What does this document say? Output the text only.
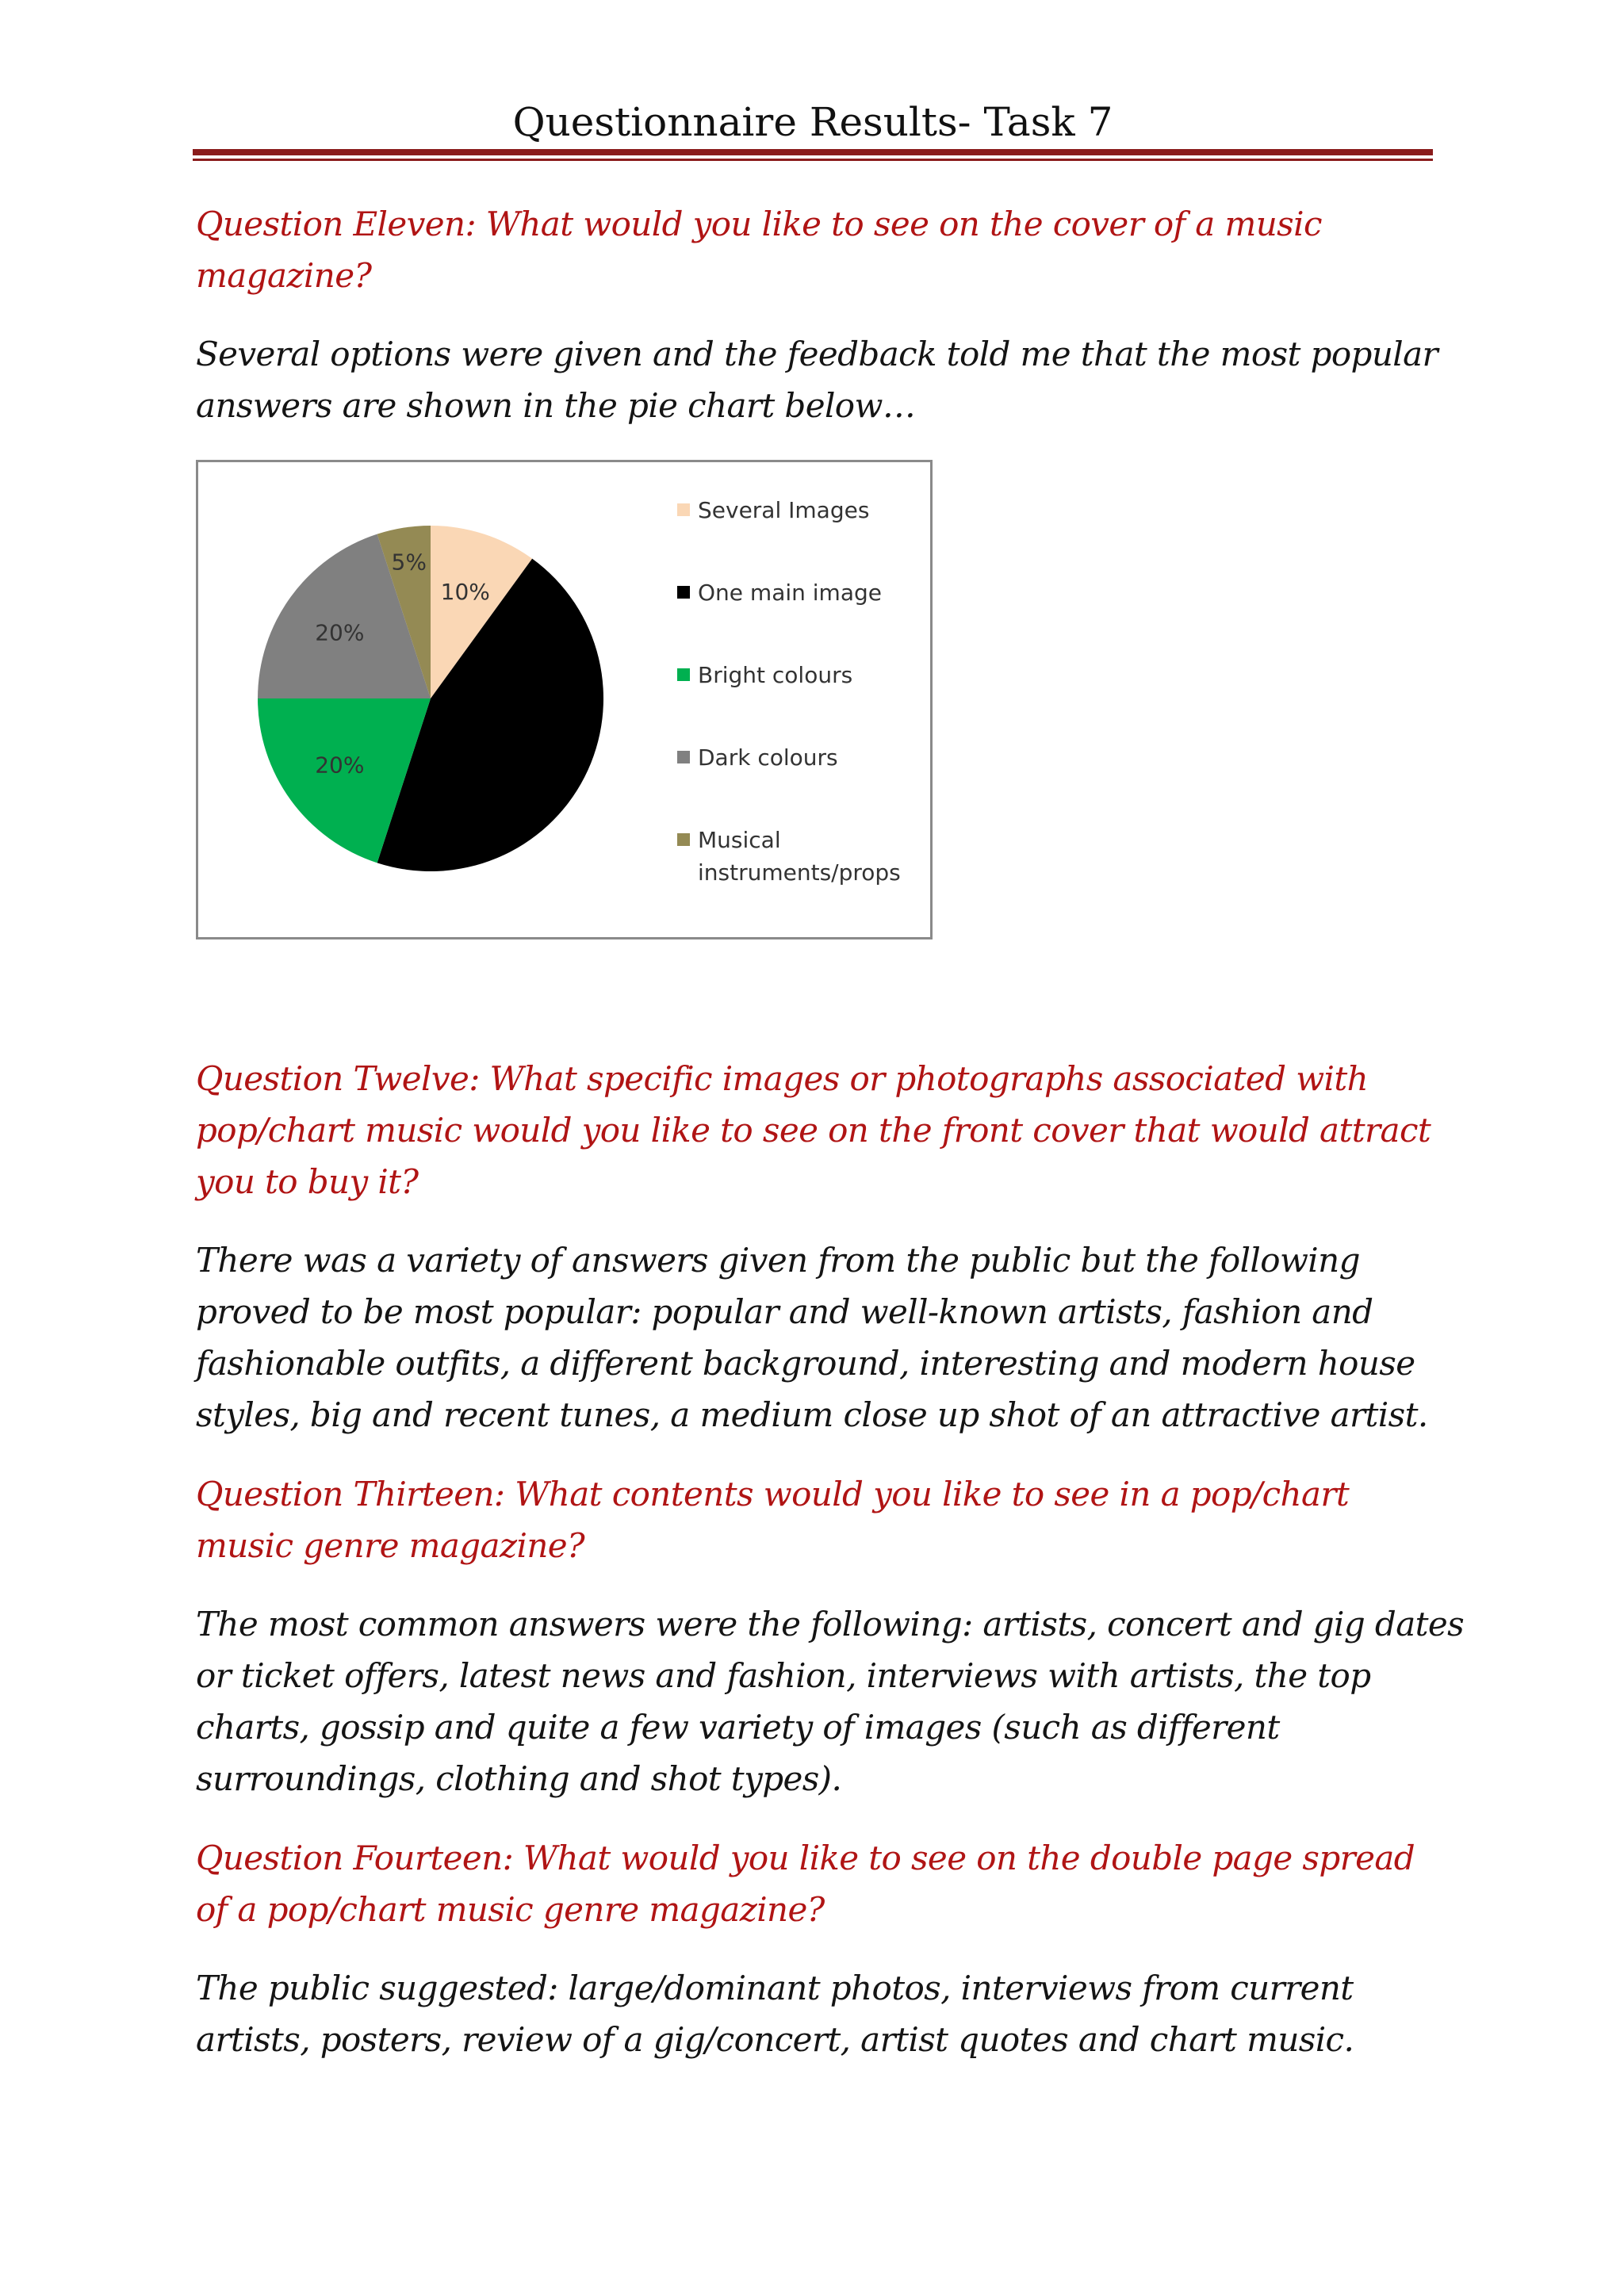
Questionnaire Results- Task 7
Question Eleven: What would you like to see on the cover of a music magazine?
Several options were given and the feedback told me that the most popular answers are shown in the pie chart below…
10%
20%
20%
5%
Several Images
One main image
Bright colours
Dark colours
Musical instruments/props
Question Twelve: What specific images or photographs associated with pop/chart music would you like to see on the front cover that would attract you to buy it?
There was a variety of answers given from the public but the following proved to be most popular: popular and well-known artists, fashion and fashionable outfits, a different background, interesting and modern house styles, big and recent tunes, a medium close up shot of an attractive artist.
Question Thirteen: What contents would you like to see in a pop/chart music genre magazine?
The most common answers were the following: artists, concert and gig dates or ticket offers, latest news and fashion, interviews with artists, the top charts, gossip and quite a few variety of images (such as different surroundings, clothing and shot types).
Question Fourteen: What would you like to see on the double page spread of a pop/chart music genre magazine?
The public suggested: large/dominant photos, interviews from current artists, posters, review of a gig/concert, artist quotes and chart music.
